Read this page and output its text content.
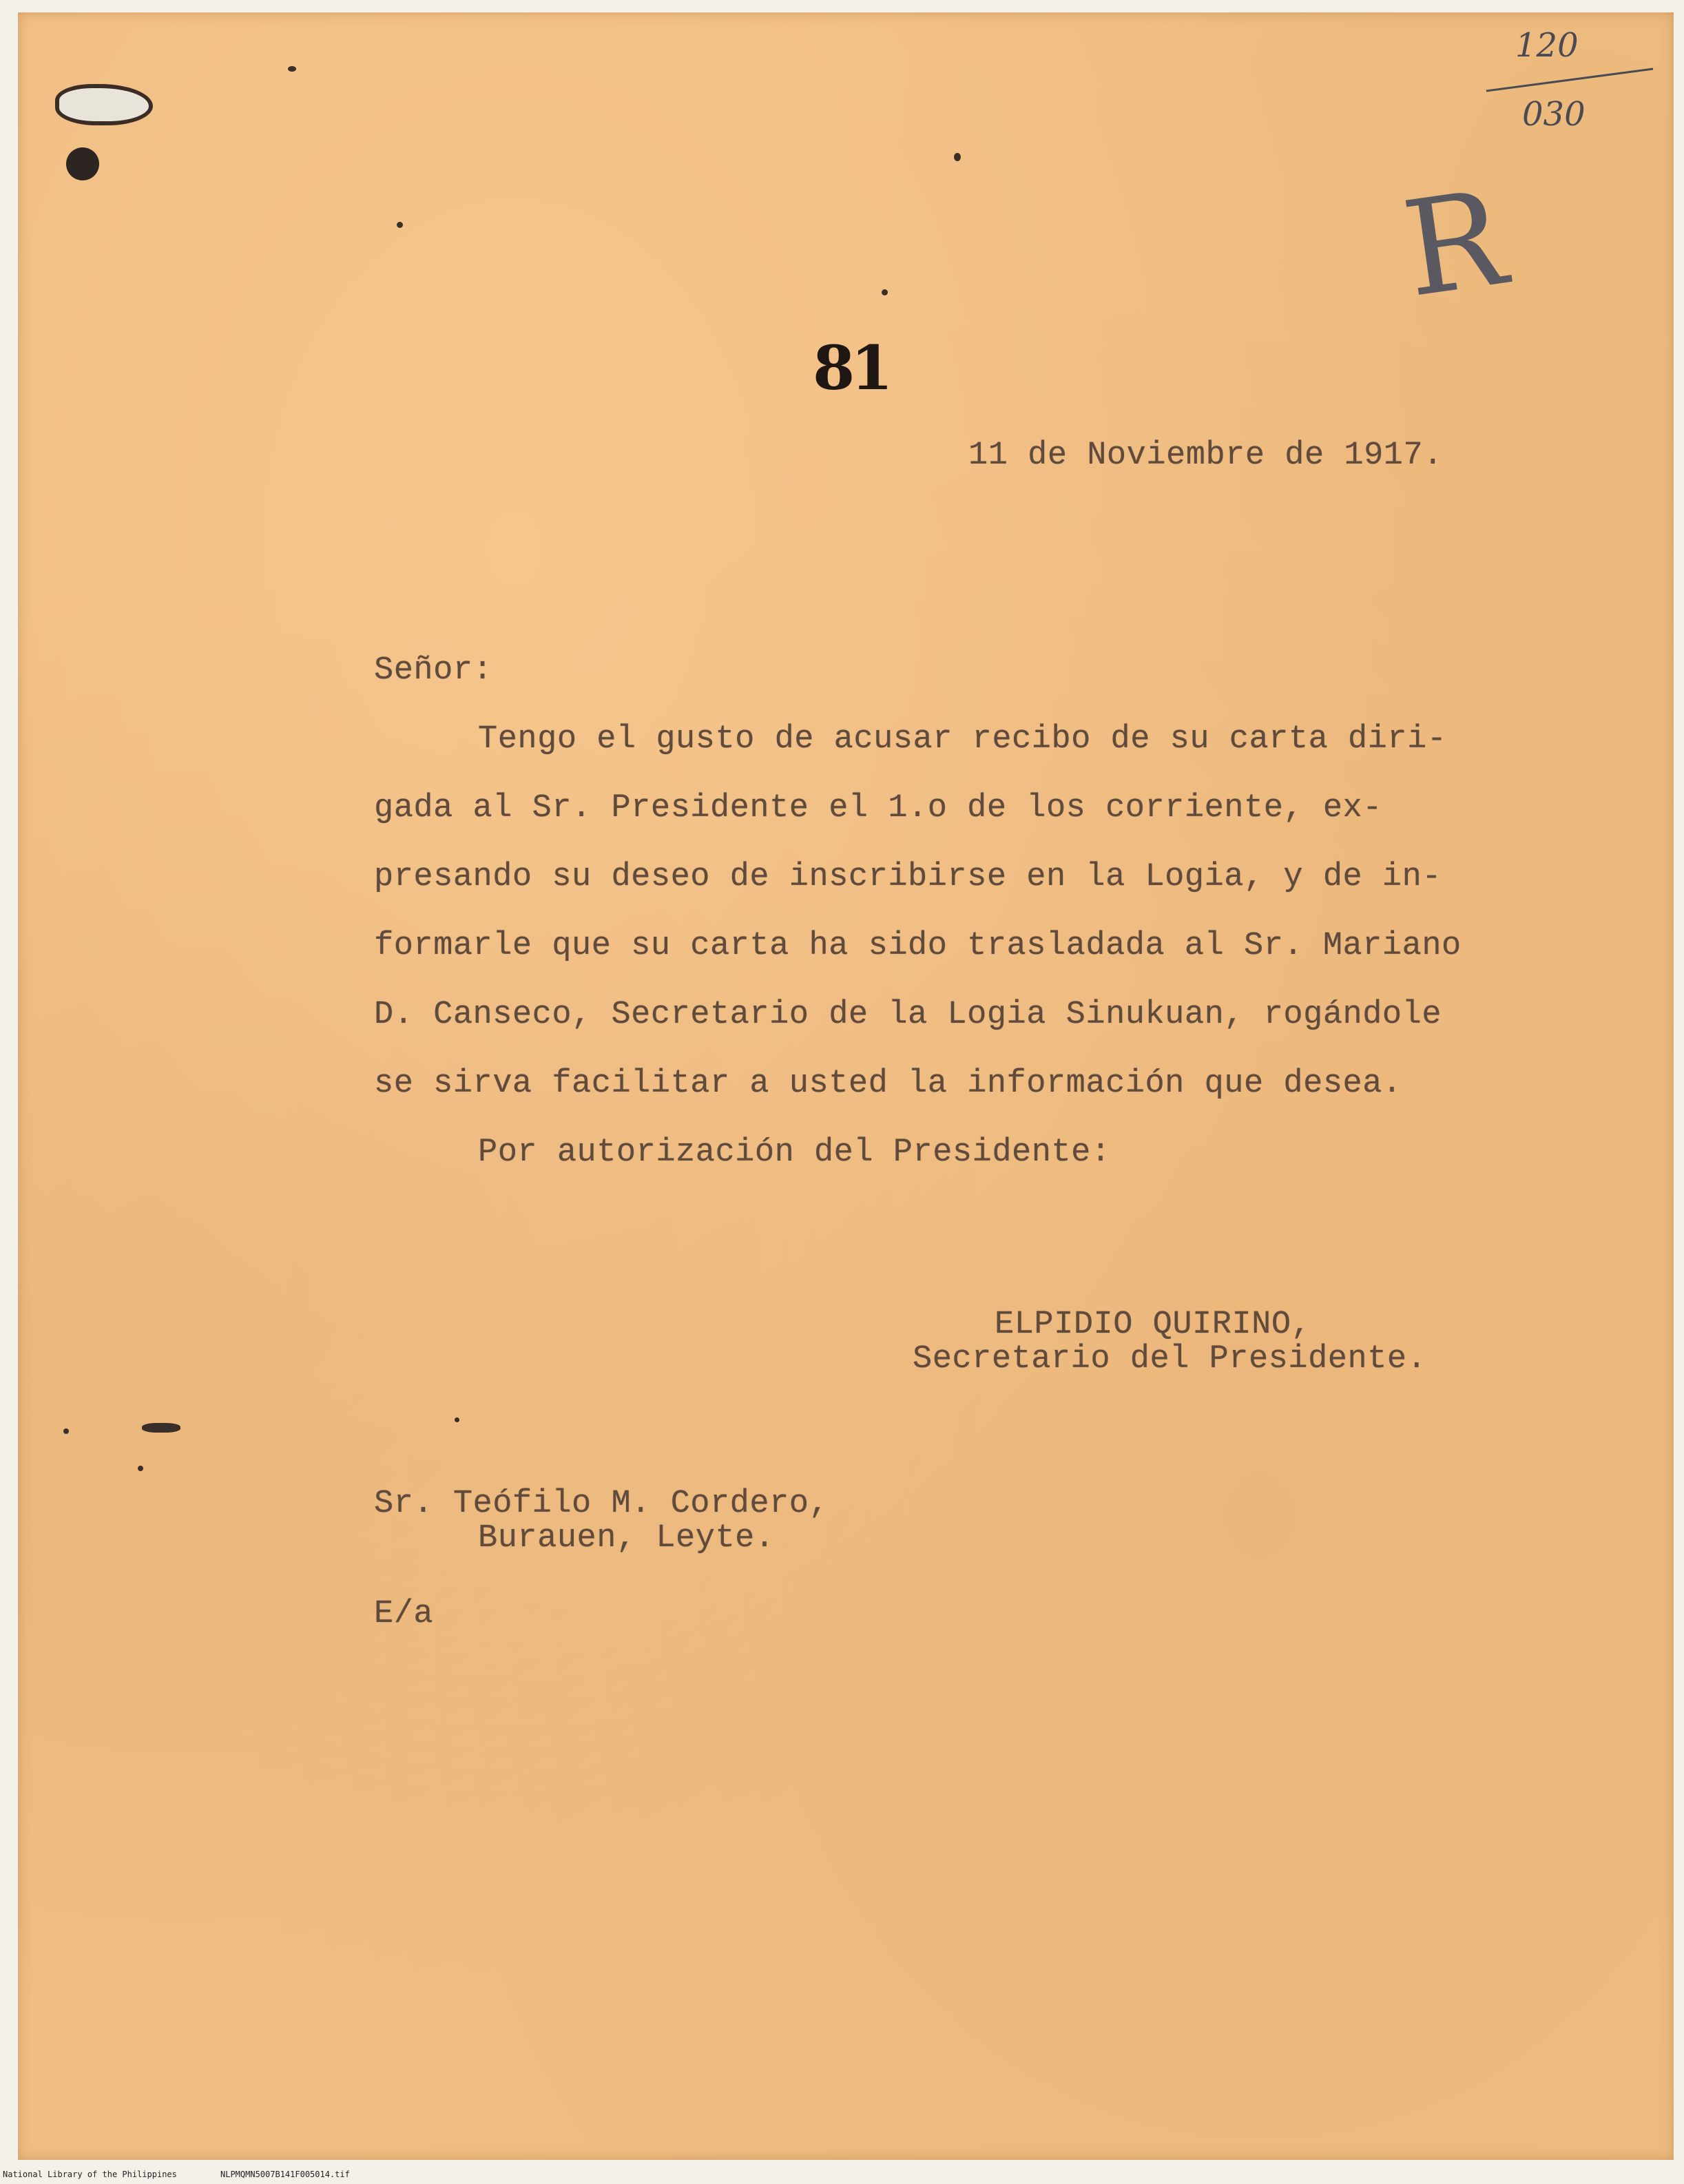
120
030
R
81
11 de Noviembre de 1917.
Señor:
Tengo el gusto de acusar recibo de su carta diri-
gada al Sr. Presidente el 1.o de los corriente, ex-
presando su deseo de inscribirse en la Logia, y de in-
formarle que su carta ha sido trasladada al Sr. Mariano
D. Canseco, Secretario de la Logia Sinukuan, rogándole
se sirva facilitar a usted la información que desea.
Por autorización del Presidente:
ELPIDIO QUIRINO,
Secretario del Presidente.
Sr. Teófilo M. Cordero,
Burauen, Leyte.
E/a
National Library of the Philippines	NLPMQMN5007B141F005014.tif
